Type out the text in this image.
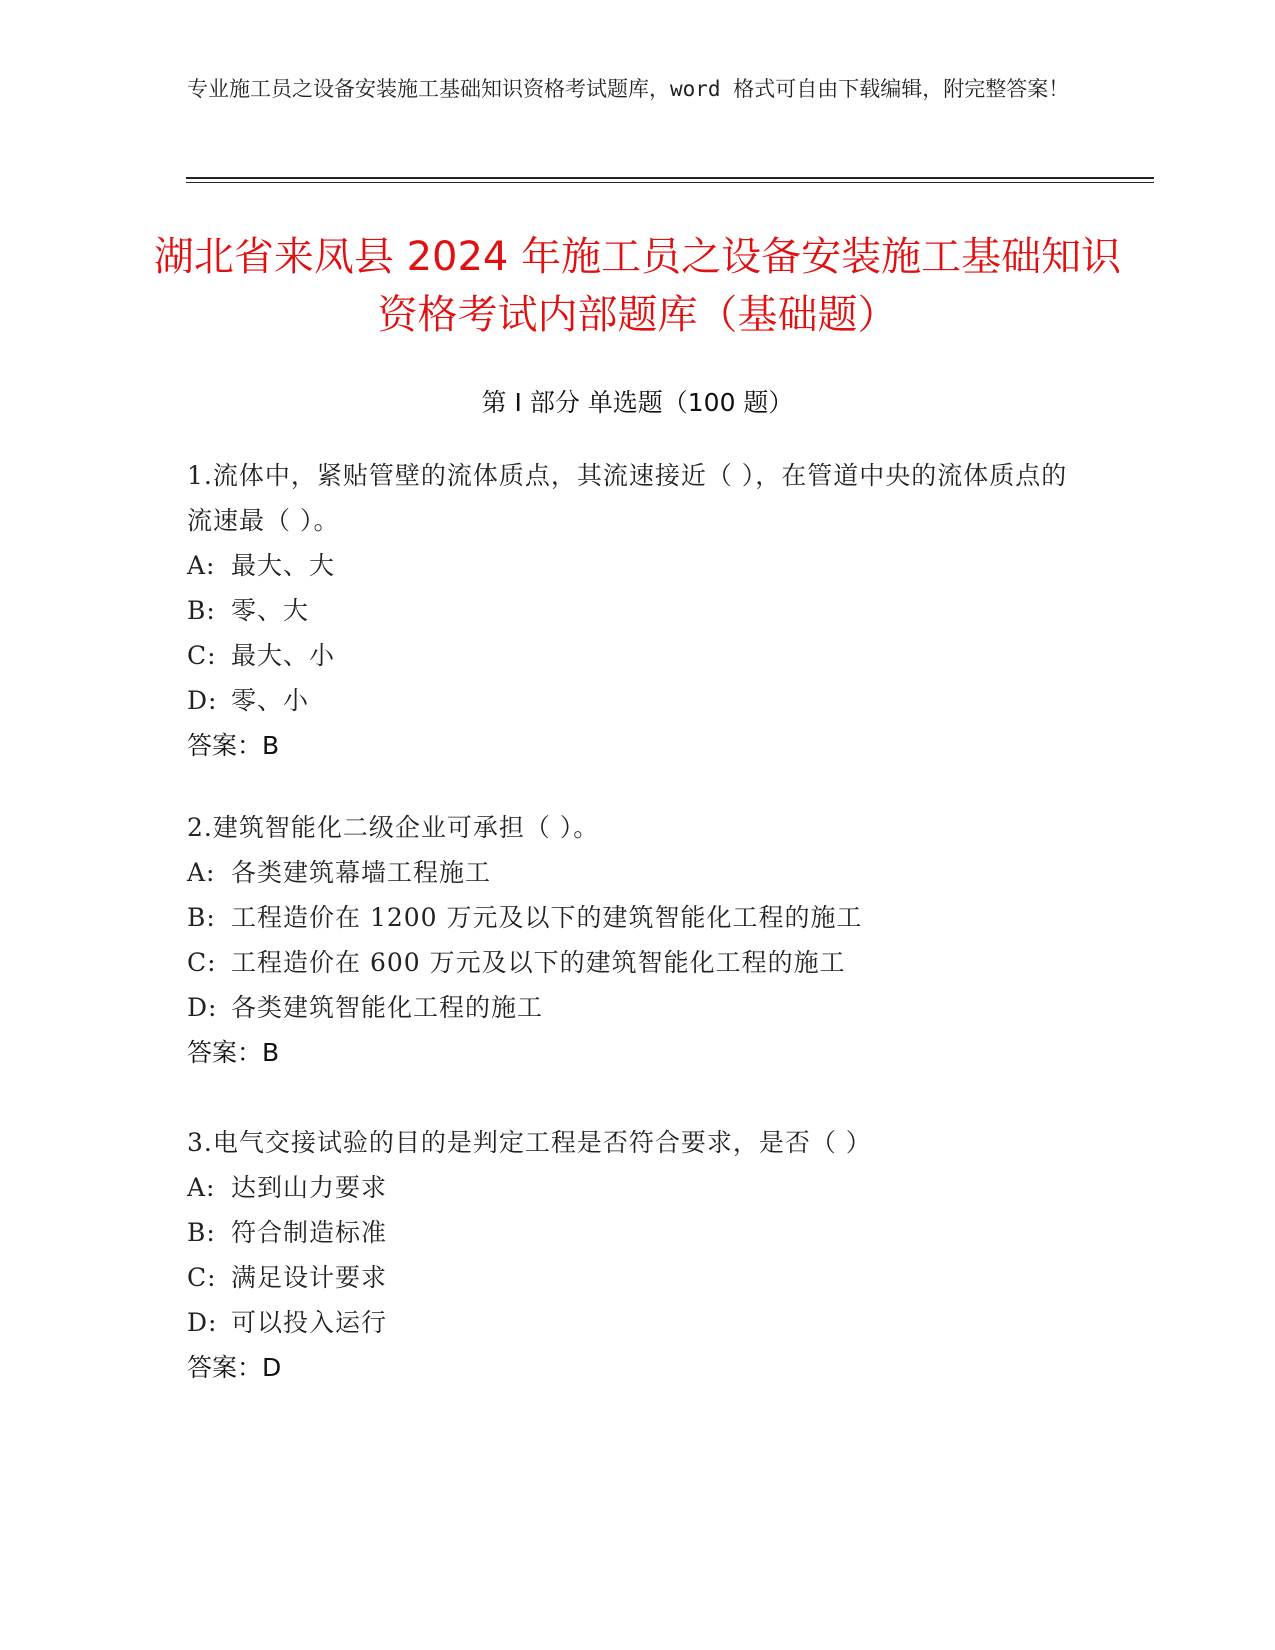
专业施工员之设备安装施工基础知识资格考试题库，word 格式可自由下载编辑，附完整答案！
湖北省来凤县 2024 年施工员之设备安装施工基础知识资格考试内部题库（基础题）
第 I 部分 单选题（100 题）
1.流体中，紧贴管壁的流体质点，其流速接近（ ），在管道中央的流体质点的流速最（ ）。
A: 最大、大
B: 零、大
C: 最大、小
D: 零、小
答案：B
2.建筑智能化二级企业可承担（ ）。
A: 各类建筑幕墙工程施工
B: 工程造价在 1200 万元及以下的建筑智能化工程的施工
C: 工程造价在 600 万元及以下的建筑智能化工程的施工
D: 各类建筑智能化工程的施工
答案：B
3.电气交接试验的目的是判定工程是否符合要求，是否（ ）
A: 达到山力要求
B: 符合制造标准
C: 满足设计要求
D: 可以投入运行
答案：D
